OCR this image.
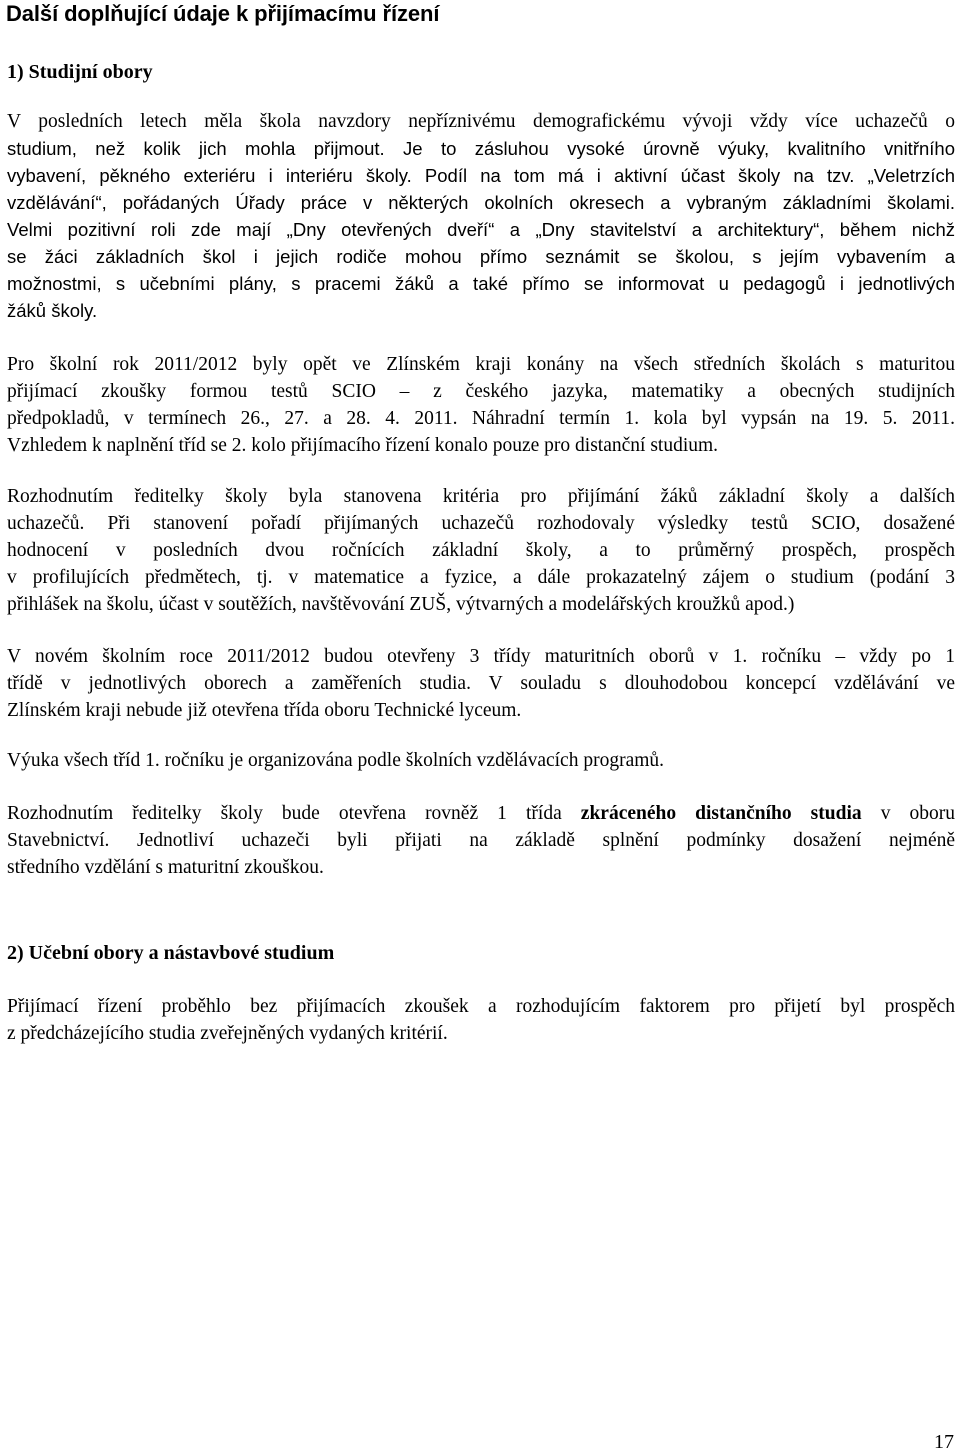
Další doplňující údaje k přijímacímu řízení
1) Studijní obory
V posledních letech měla škola navzdory nepříznivému demografickému vývoji vždy více uchazečů o
studium, než kolik jich mohla přijmout. Je to zásluhou vysoké úrovně výuky, kvalitního vnitřního
vybavení, pěkného exteriéru i interiéru školy. Podíl na tom má i aktivní účast školy na tzv. „Veletrzích
vzdělávání“, pořádaných Úřady práce v některých okolních okresech a vybraným základními školami.
Velmi pozitivní roli zde mají „Dny otevřených dveří“ a „Dny stavitelství a architektury“, během nichž
se žáci základních škol i jejich rodiče mohou přímo seznámit se školou, s jejím vybavením a
možnostmi, s učebními plány, s pracemi žáků a také přímo se informovat u pedagogů i jednotlivých
žáků školy.
Pro školní rok 2011/2012 byly opět ve Zlínském kraji konány na všech středních školách s maturitou
přijímací zkoušky formou testů SCIO – z českého jazyka, matematiky a obecných studijních
předpokladů, v termínech 26., 27. a 28. 4. 2011. Náhradní termín 1. kola byl vypsán na 19. 5. 2011.
Vzhledem k naplnění tříd se 2. kolo přijímacího řízení konalo pouze pro distanční studium.
Rozhodnutím ředitelky školy byla stanovena kritéria pro přijímání žáků základní školy a dalších
uchazečů. Při stanovení pořadí přijímaných uchazečů rozhodovaly výsledky testů SCIO, dosažené
hodnocení v posledních dvou ročnících základní školy, a to průměrný prospěch, prospěch
v profilujících předmětech, tj. v matematice a fyzice, a dále prokazatelný zájem o studium (podání 3
přihlášek na školu, účast v soutěžích, navštěvování ZUŠ, výtvarných a modelářských kroužků apod.)
V novém školním roce 2011/2012 budou otevřeny 3 třídy maturitních oborů v 1. ročníku – vždy po 1
třídě v jednotlivých oborech a zaměřeních studia. V souladu s dlouhodobou koncepcí vzdělávání ve
Zlínském kraji nebude již otevřena třída oboru Technické lyceum.
Výuka všech tříd 1. ročníku je organizována podle školních vzdělávacích programů.
Rozhodnutím ředitelky školy bude otevřena rovněž 1 třída zkráceného distančního studia v oboru
Stavebnictví. Jednotliví uchazeči byli přijati na základě splnění podmínky dosažení nejméně
středního vzdělání s maturitní zkouškou.
2) Učební obory a nástavbové studium
Přijímací řízení proběhlo bez přijímacích zkoušek a rozhodujícím faktorem pro přijetí byl prospěch
z předcházejícího studia zveřejněných vydaných kritérií.
17
